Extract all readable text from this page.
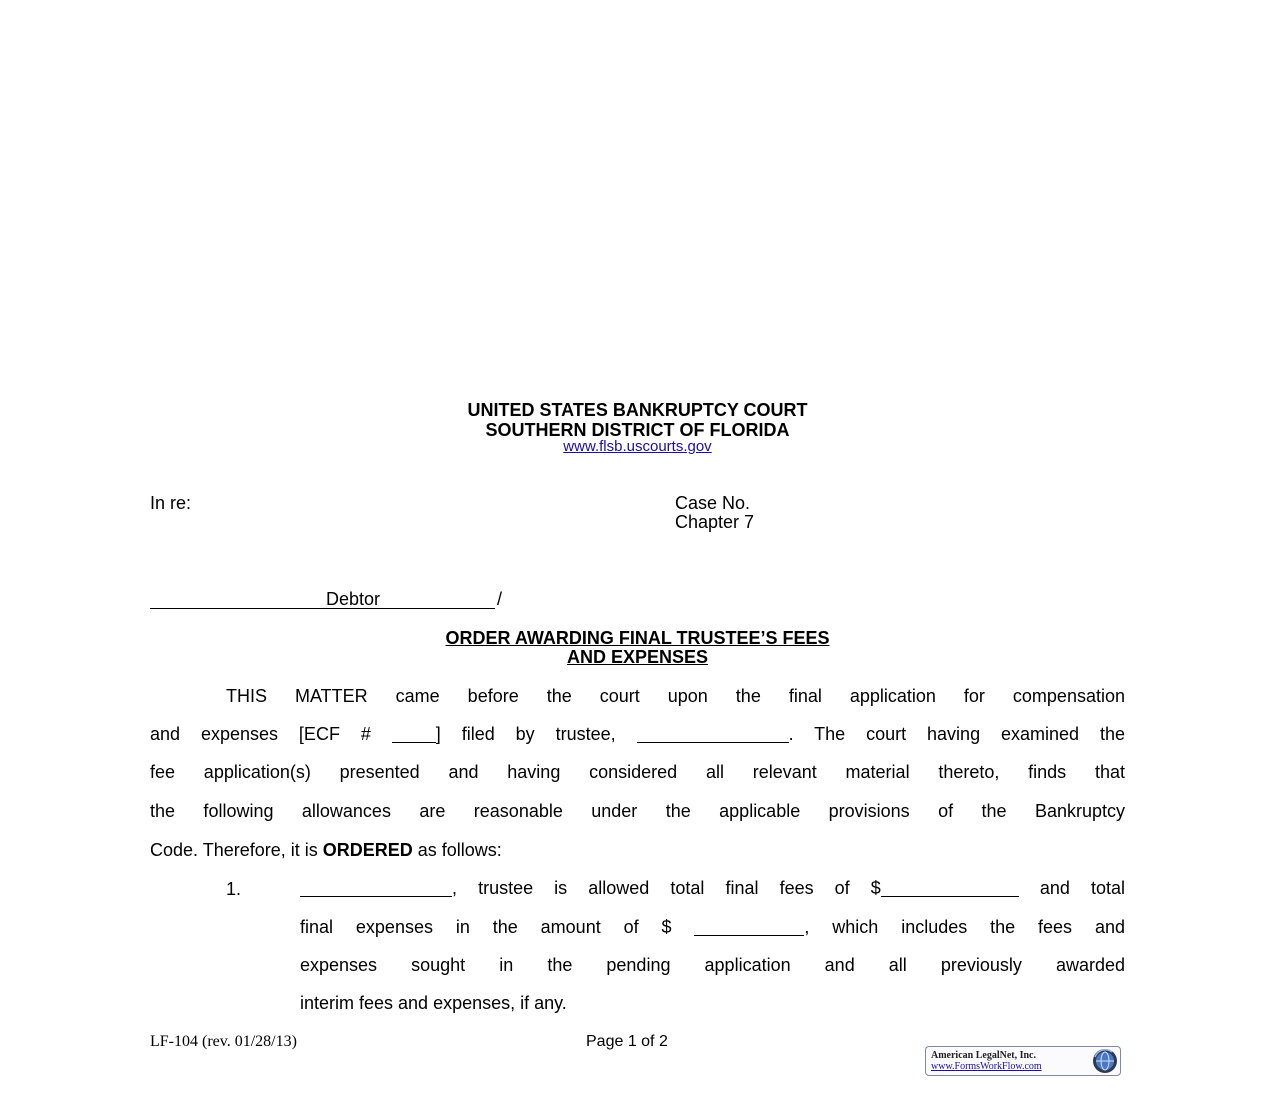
UNITED STATES BANKRUPTCY COURT
SOUTHERN DISTRICT OF FLORIDA
www.flsb.uscourts.gov
In re:	Case No.
Chapter 7
Debtor	/
ORDER AWARDING FINAL TRUSTEE’S FEES
AND EXPENSES
THIS MATTER came before the court upon the final application for compensation
and expenses [ECF # ] filed by trustee,	. The court having examined the
fee application(s) presented and having considered all relevant material thereto, finds that
the following allowances are reasonable under the applicable provisions of the Bankruptcy
Code. Therefore, it is ORDERED as follows:
1.	, trustee is allowed total final fees of $	and total
final expenses in the amount of $	, which includes the fees and
expenses sought in the pending application and all previously awarded
interim fees and expenses, if any.
LF-104 (rev. 01/28/13)	Page 1 of 2
American LegalNet, Inc.
www.FormsWorkFlow.com
